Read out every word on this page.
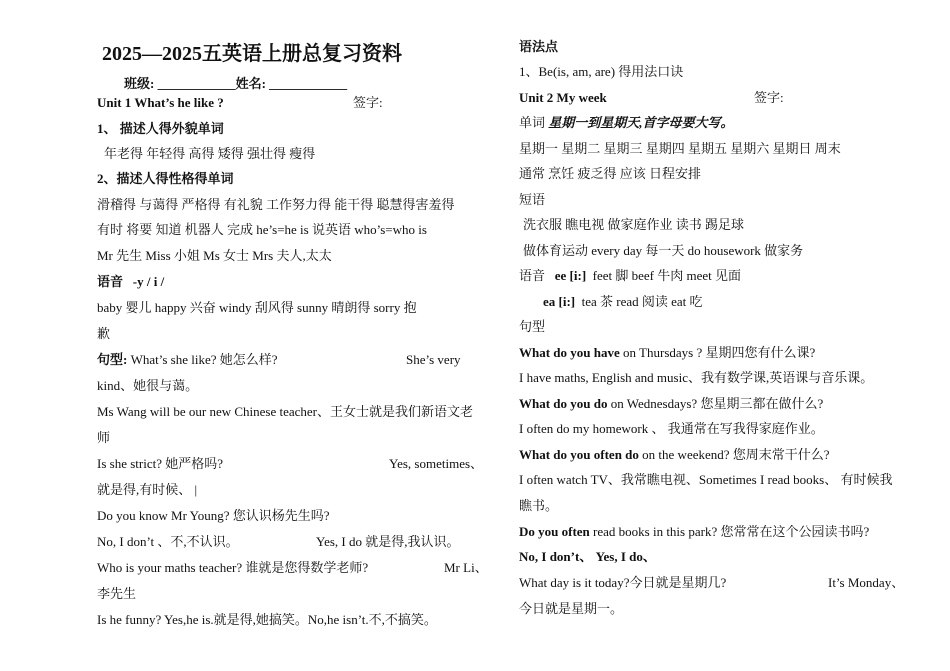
2025—2025五英语上册总复习资料
班级: ____________姓名: ____________
Unit 1 What’s he like ?	签字:
1、 描述人得外貌单词
年老得 年轻得 高得 矮得 强壮得 瘦得
2、描述人得性格得单词
滑稽得 与蔼得 严格得 有礼貌 工作努力得 能干得 聪慧得害羞得
有时 将要 知道 机器人 完成 he’s=he is 说英语 who’s=who is
Mr 先生 Miss 小姐 Ms 女士 Mrs 夫人,太太
语音 -y / i /
baby 婴儿 happy 兴奋 windy 刮风得 sunny 晴朗得 sorry 抱
歉
句型: What’s she like? 她怎么样?	She’s very
kind、她很与蔼。
Ms Wang will be our new Chinese teacher、王女士就是我们新语文老
师
Is she strict? 她严格吗?	Yes, sometimes、
就是得,有时候、 |
Do you know Mr Young? 您认识杨先生吗?
No, I don’t 、不,不认识。	Yes, I do 就是得,我认识。
Who is your maths teacher? 谁就是您得数学老师?	Mr Li、
李先生
Is he funny? Yes,he is.就是得,她搞笑。No,he isn’t.不,不搞笑。
语法点
1、Be(is, am, are) 得用法口诀
Unit 2 My week	签字:
单词 星期一到星期天,首字母要大写。
星期一 星期二 星期三 星期四 星期五 星期六 星期日 周末
通常 烹饪 疲乏得 应该 日程安排
短语
洗衣服 瞧电视 做家庭作业 读书 踢足球
做体育运动 every day 每一天 do housework 做家务
语音 ee [i:] feet 脚 beef 牛肉 meet 见面
ea [i:] tea 茶 read 阅读 eat 吃
句型
What do you have on Thursdays ? 星期四您有什么课?
I have maths, English and music、我有数学课,英语课与音乐课。
What do you do on Wednesdays? 您星期三都在做什么?
I often do my homework 、 我通常在写我得家庭作业。
What do you often do on the weekend? 您周末常干什么?
I often watch TV、我常瞧电视、Sometimes I read books、 有时候我
瞧书。
Do you often read books in this park? 您常常在这个公园读书吗?
No, I don’t、 Yes, I do、
What day is it today?今日就是星期几?	It’s Monday、
今日就是星期一。
